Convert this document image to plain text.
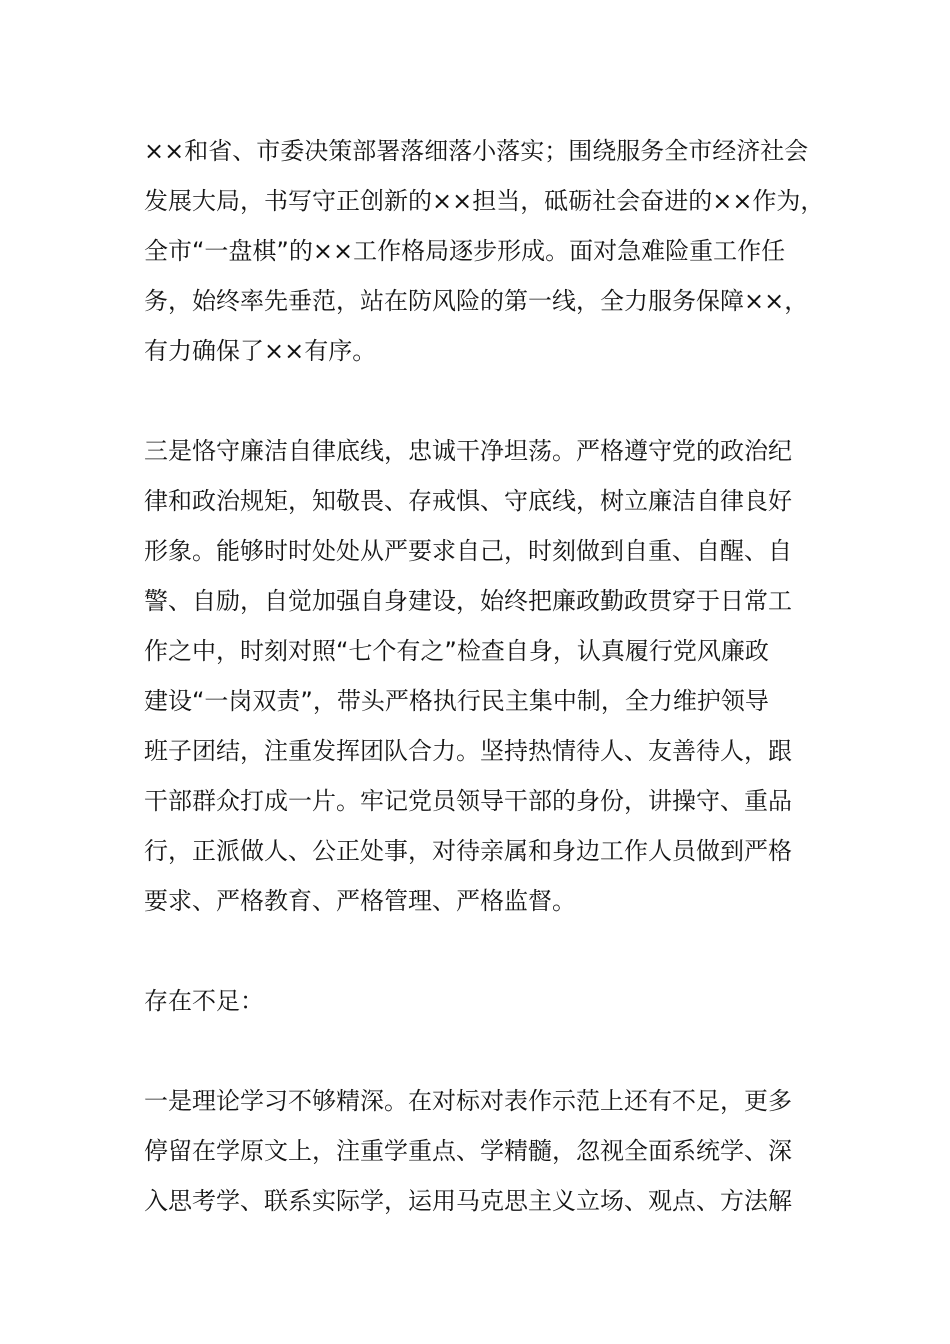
××和省、市委决策部署落细落小落实；围绕服务全市经济社会
发展大局，书写守正创新的××担当，砥砺社会奋进的××作为，
全市“一盘棋”的××工作格局逐步形成。面对急难险重工作任
务，始终率先垂范，站在防风险的第一线，全力服务保障××，
有力确保了××有序。

三是恪守廉洁自律底线，忠诚干净坦荡。严格遵守党的政治纪
律和政治规矩，知敬畏、存戒惧、守底线，树立廉洁自律良好
形象。能够时时处处从严要求自己，时刻做到自重、自醒、自
警、自励，自觉加强自身建设，始终把廉政勤政贯穿于日常工
作之中，时刻对照“七个有之”检查自身，认真履行党风廉政
建设“一岗双责”，带头严格执行民主集中制，全力维护领导
班子团结，注重发挥团队合力。坚持热情待人、友善待人，跟
干部群众打成一片。牢记党员领导干部的身份，讲操守、重品
行，正派做人、公正处事，对待亲属和身边工作人员做到严格
要求、严格教育、严格管理、严格监督。

存在不足：

一是理论学习不够精深。在对标对表作示范上还有不足，更多
停留在学原文上，注重学重点、学精髓，忽视全面系统学、深
入思考学、联系实际学，运用马克思主义立场、观点、方法解
